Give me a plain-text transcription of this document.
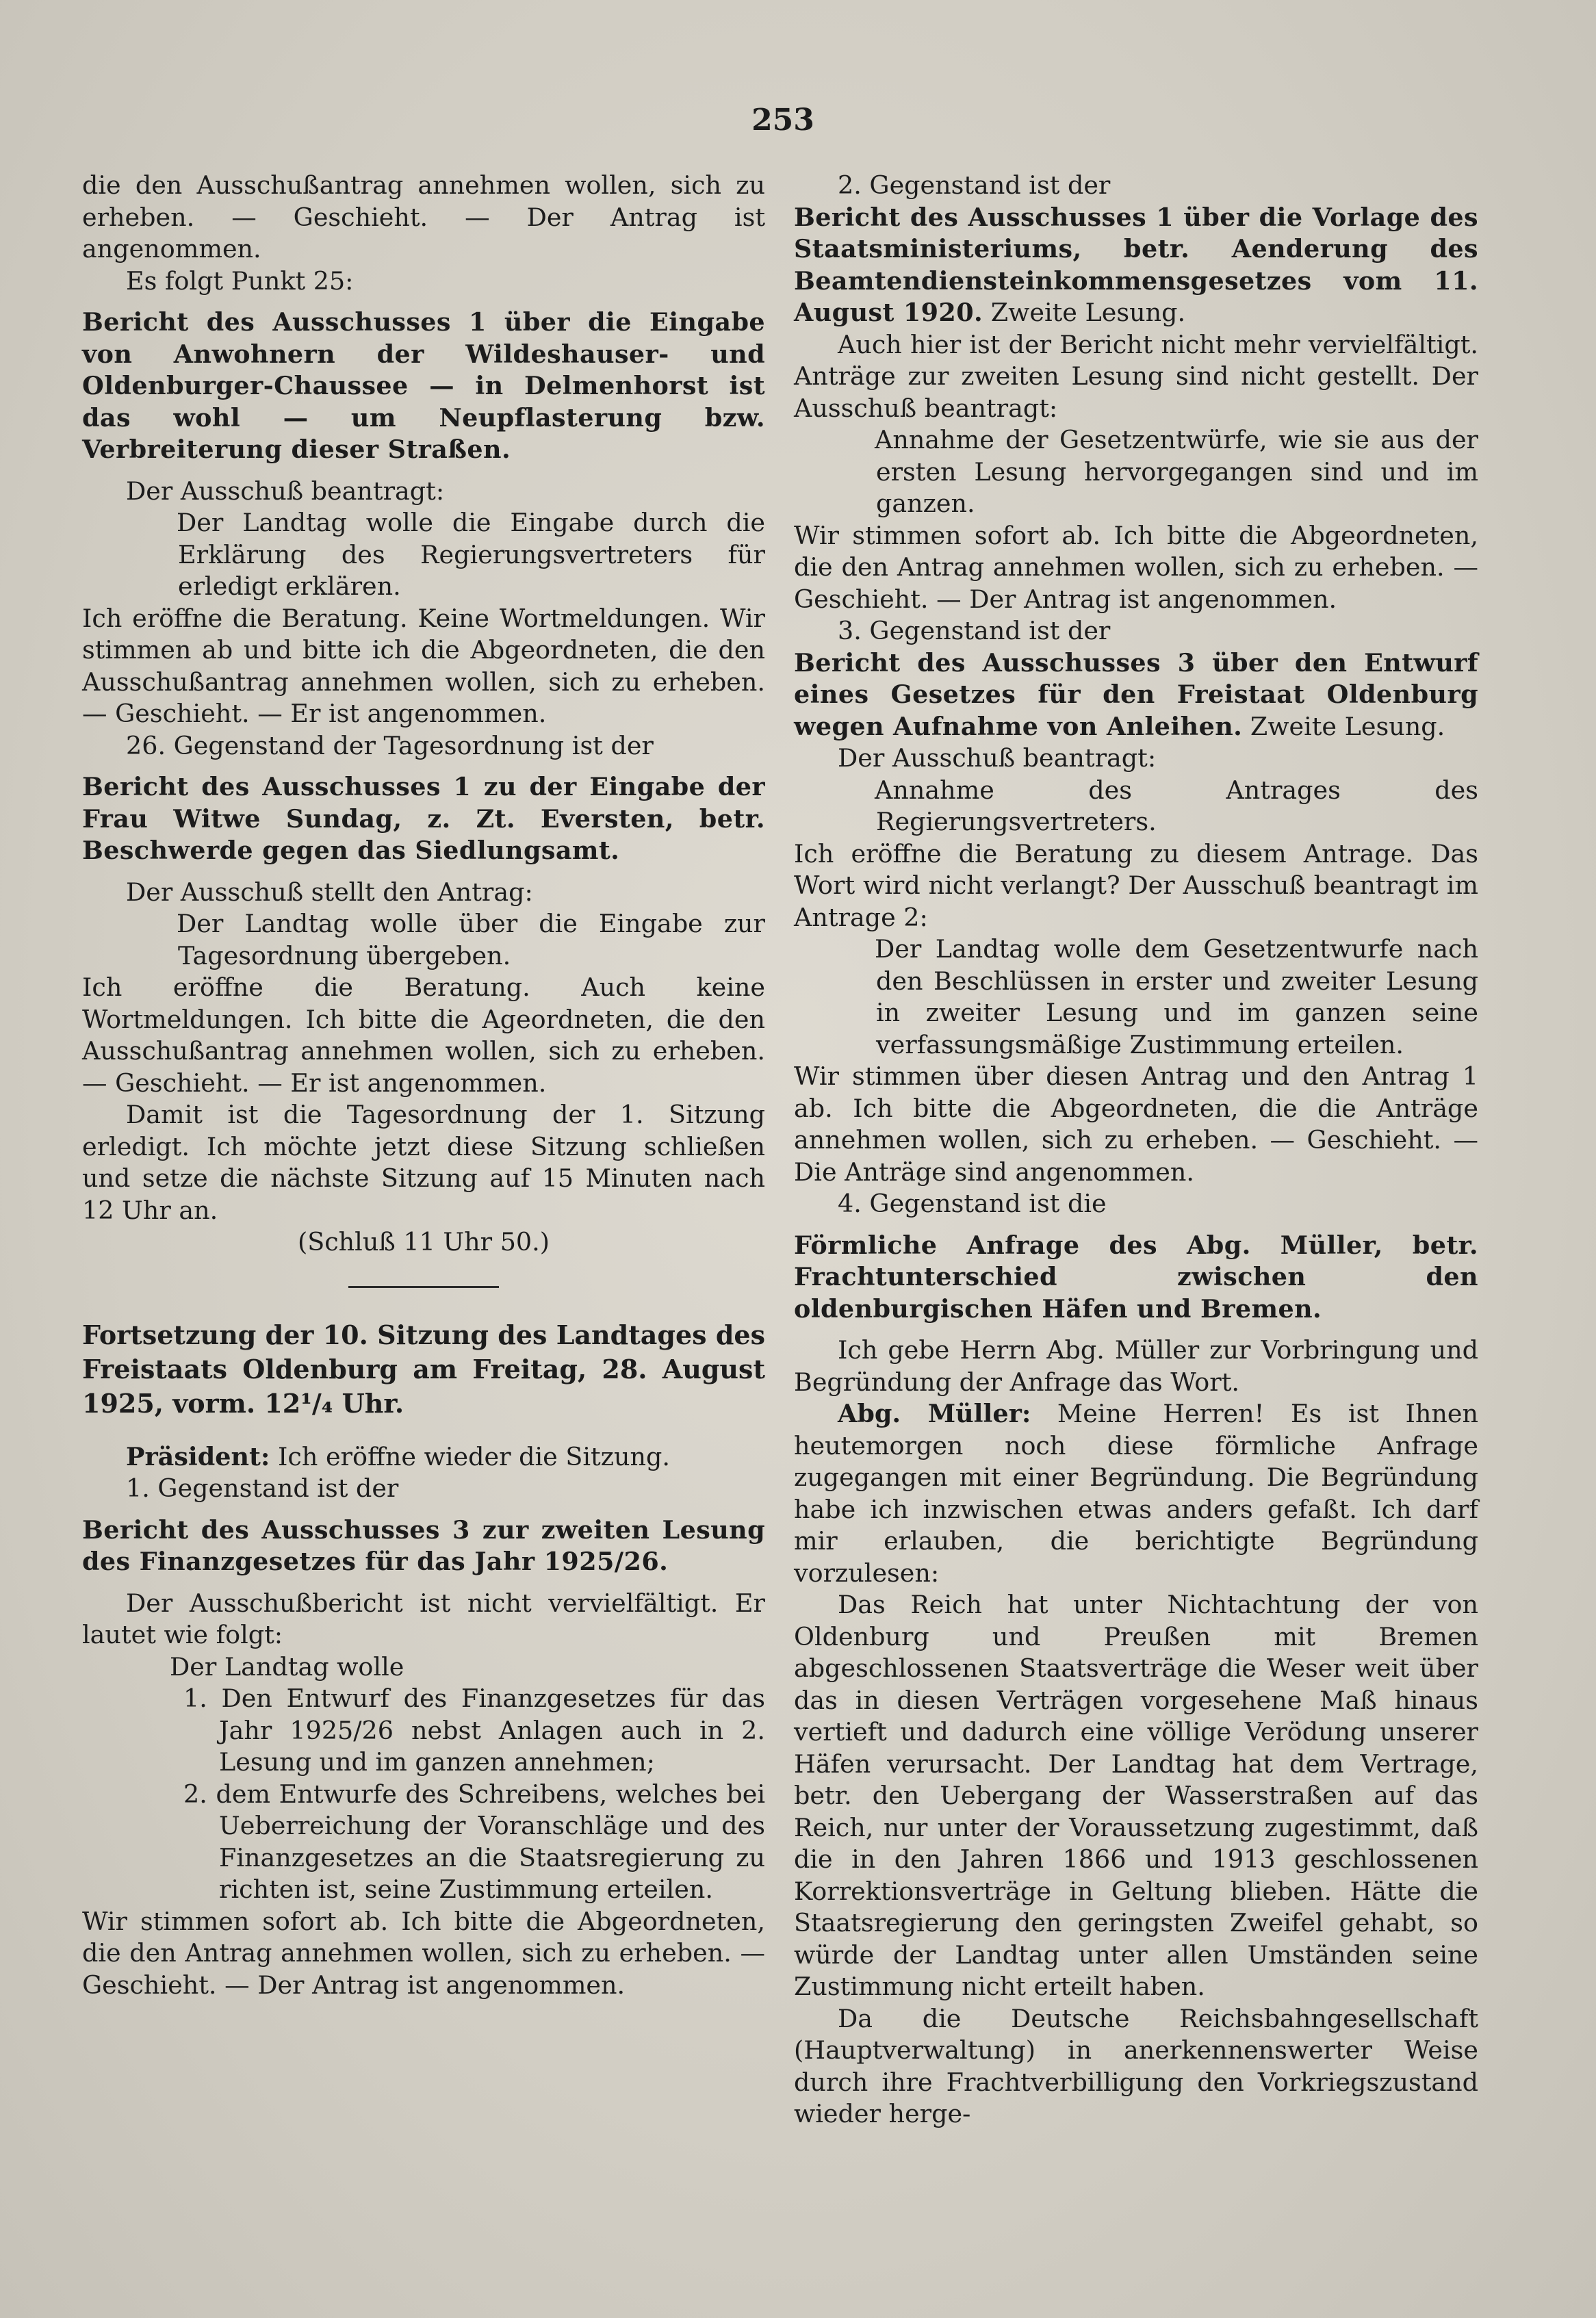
253

die den Ausschußantrag annehmen wollen, sich zu erheben. — Geschieht. — Der Antrag ist angenommen.

Es folgt Punkt 25:

Bericht des Ausschusses 1 über die Eingabe von Anwohnern der Wildeshauser- und Oldenburger-Chaussee — in Delmenhorst ist das wohl — um Neupflasterung bzw. Verbreiterung dieser Straßen.

Der Ausschuß beantragt:

Der Landtag wolle die Eingabe durch die Erklärung des Regierungsvertreters für erledigt erklären.

Ich eröffne die Beratung. Keine Wortmeldungen. Wir stimmen ab und bitte ich die Abgeordneten, die den Ausschußantrag annehmen wollen, sich zu erheben. — Geschieht. — Er ist angenommen.

26. Gegenstand der Tagesordnung ist der

Bericht des Ausschusses 1 zu der Eingabe der Frau Witwe Sundag, z. Zt. Eversten, betr. Beschwerde gegen das Siedlungsamt.

Der Ausschuß stellt den Antrag:

Der Landtag wolle über die Eingabe zur Tagesordnung übergeben.

Ich eröffne die Beratung. Auch keine Wortmeldungen. Ich bitte die Ageordneten, die den Ausschußantrag annehmen wollen, sich zu erheben. — Geschieht. — Er ist angenommen.

Damit ist die Tagesordnung der 1. Sitzung erledigt. Ich möchte jetzt diese Sitzung schließen und setze die nächste Sitzung auf 15 Minuten nach 12 Uhr an.

(Schluß 11 Uhr 50.)

Fortsetzung der 10. Sitzung des Landtages des Freistaats Oldenburg am Freitag, 28. August 1925, vorm. 12¹/₄ Uhr.

Präsident: Ich eröffne wieder die Sitzung.

1. Gegenstand ist der

Bericht des Ausschusses 3 zur zweiten Lesung des Finanzgesetzes für das Jahr 1925/26.

Der Ausschußbericht ist nicht vervielfältigt. Er lautet wie folgt:

Der Landtag wolle

1. Den Entwurf des Finanzgesetzes für das Jahr 1925/26 nebst Anlagen auch in 2. Lesung und im ganzen annehmen;

2. dem Entwurfe des Schreibens, welches bei Ueberreichung der Voranschläge und des Finanzgesetzes an die Staatsregierung zu richten ist, seine Zustimmung erteilen.

Wir stimmen sofort ab. Ich bitte die Abgeordneten, die den Antrag annehmen wollen, sich zu erheben. — Geschieht. — Der Antrag ist angenommen.

2. Gegenstand ist der

Bericht des Ausschusses 1 über die Vorlage des Staatsministeriums, betr. Aenderung des Beamtendiensteinkommensgesetzes vom 11. August 1920. Zweite Lesung.

Auch hier ist der Bericht nicht mehr vervielfältigt. Anträge zur zweiten Lesung sind nicht gestellt. Der Ausschuß beantragt:

Annahme der Gesetzentwürfe, wie sie aus der ersten Lesung hervorgegangen sind und im ganzen.

Wir stimmen sofort ab. Ich bitte die Abgeordneten, die den Antrag annehmen wollen, sich zu erheben. — Geschieht. — Der Antrag ist angenommen.

3. Gegenstand ist der

Bericht des Ausschusses 3 über den Entwurf eines Gesetzes für den Freistaat Oldenburg wegen Aufnahme von Anleihen. Zweite Lesung.

Der Ausschuß beantragt:

Annahme des Antrages des Regierungsvertreters.

Ich eröffne die Beratung zu diesem Antrage. Das Wort wird nicht verlangt? Der Ausschuß beantragt im Antrage 2:

Der Landtag wolle dem Gesetzentwurfe nach den Beschlüssen in erster und zweiter Lesung in zweiter Lesung und im ganzen seine verfassungsmäßige Zustimmung erteilen.

Wir stimmen über diesen Antrag und den Antrag 1 ab. Ich bitte die Abgeordneten, die die Anträge annehmen wollen, sich zu erheben. — Geschieht. — Die Anträge sind angenommen.

4. Gegenstand ist die

Förmliche Anfrage des Abg. Müller, betr. Frachtunterschied zwischen den oldenburgischen Häfen und Bremen.

Ich gebe Herrn Abg. Müller zur Vorbringung und Begründung der Anfrage das Wort.

Abg. Müller: Meine Herren! Es ist Ihnen heutemorgen noch diese förmliche Anfrage zugegangen mit einer Begründung. Die Begründung habe ich inzwischen etwas anders gefaßt. Ich darf mir erlauben, die berichtigte Begründung vorzulesen:

Das Reich hat unter Nichtachtung der von Oldenburg und Preußen mit Bremen abgeschlossenen Staatsverträge die Weser weit über das in diesen Verträgen vorgesehene Maß hinaus vertieft und dadurch eine völlige Verödung unserer Häfen verursacht. Der Landtag hat dem Vertrage, betr. den Uebergang der Wasserstraßen auf das Reich, nur unter der Voraussetzung zugestimmt, daß die in den Jahren 1866 und 1913 geschlossenen Korrektionsverträge in Geltung blieben. Hätte die Staatsregierung den geringsten Zweifel gehabt, so würde der Landtag unter allen Umständen seine Zustimmung nicht erteilt haben.

Da die Deutsche Reichsbahngesellschaft (Hauptverwaltung) in anerkennenswerter Weise durch ihre Frachtverbilligung den Vorkriegszustand wieder herge-
